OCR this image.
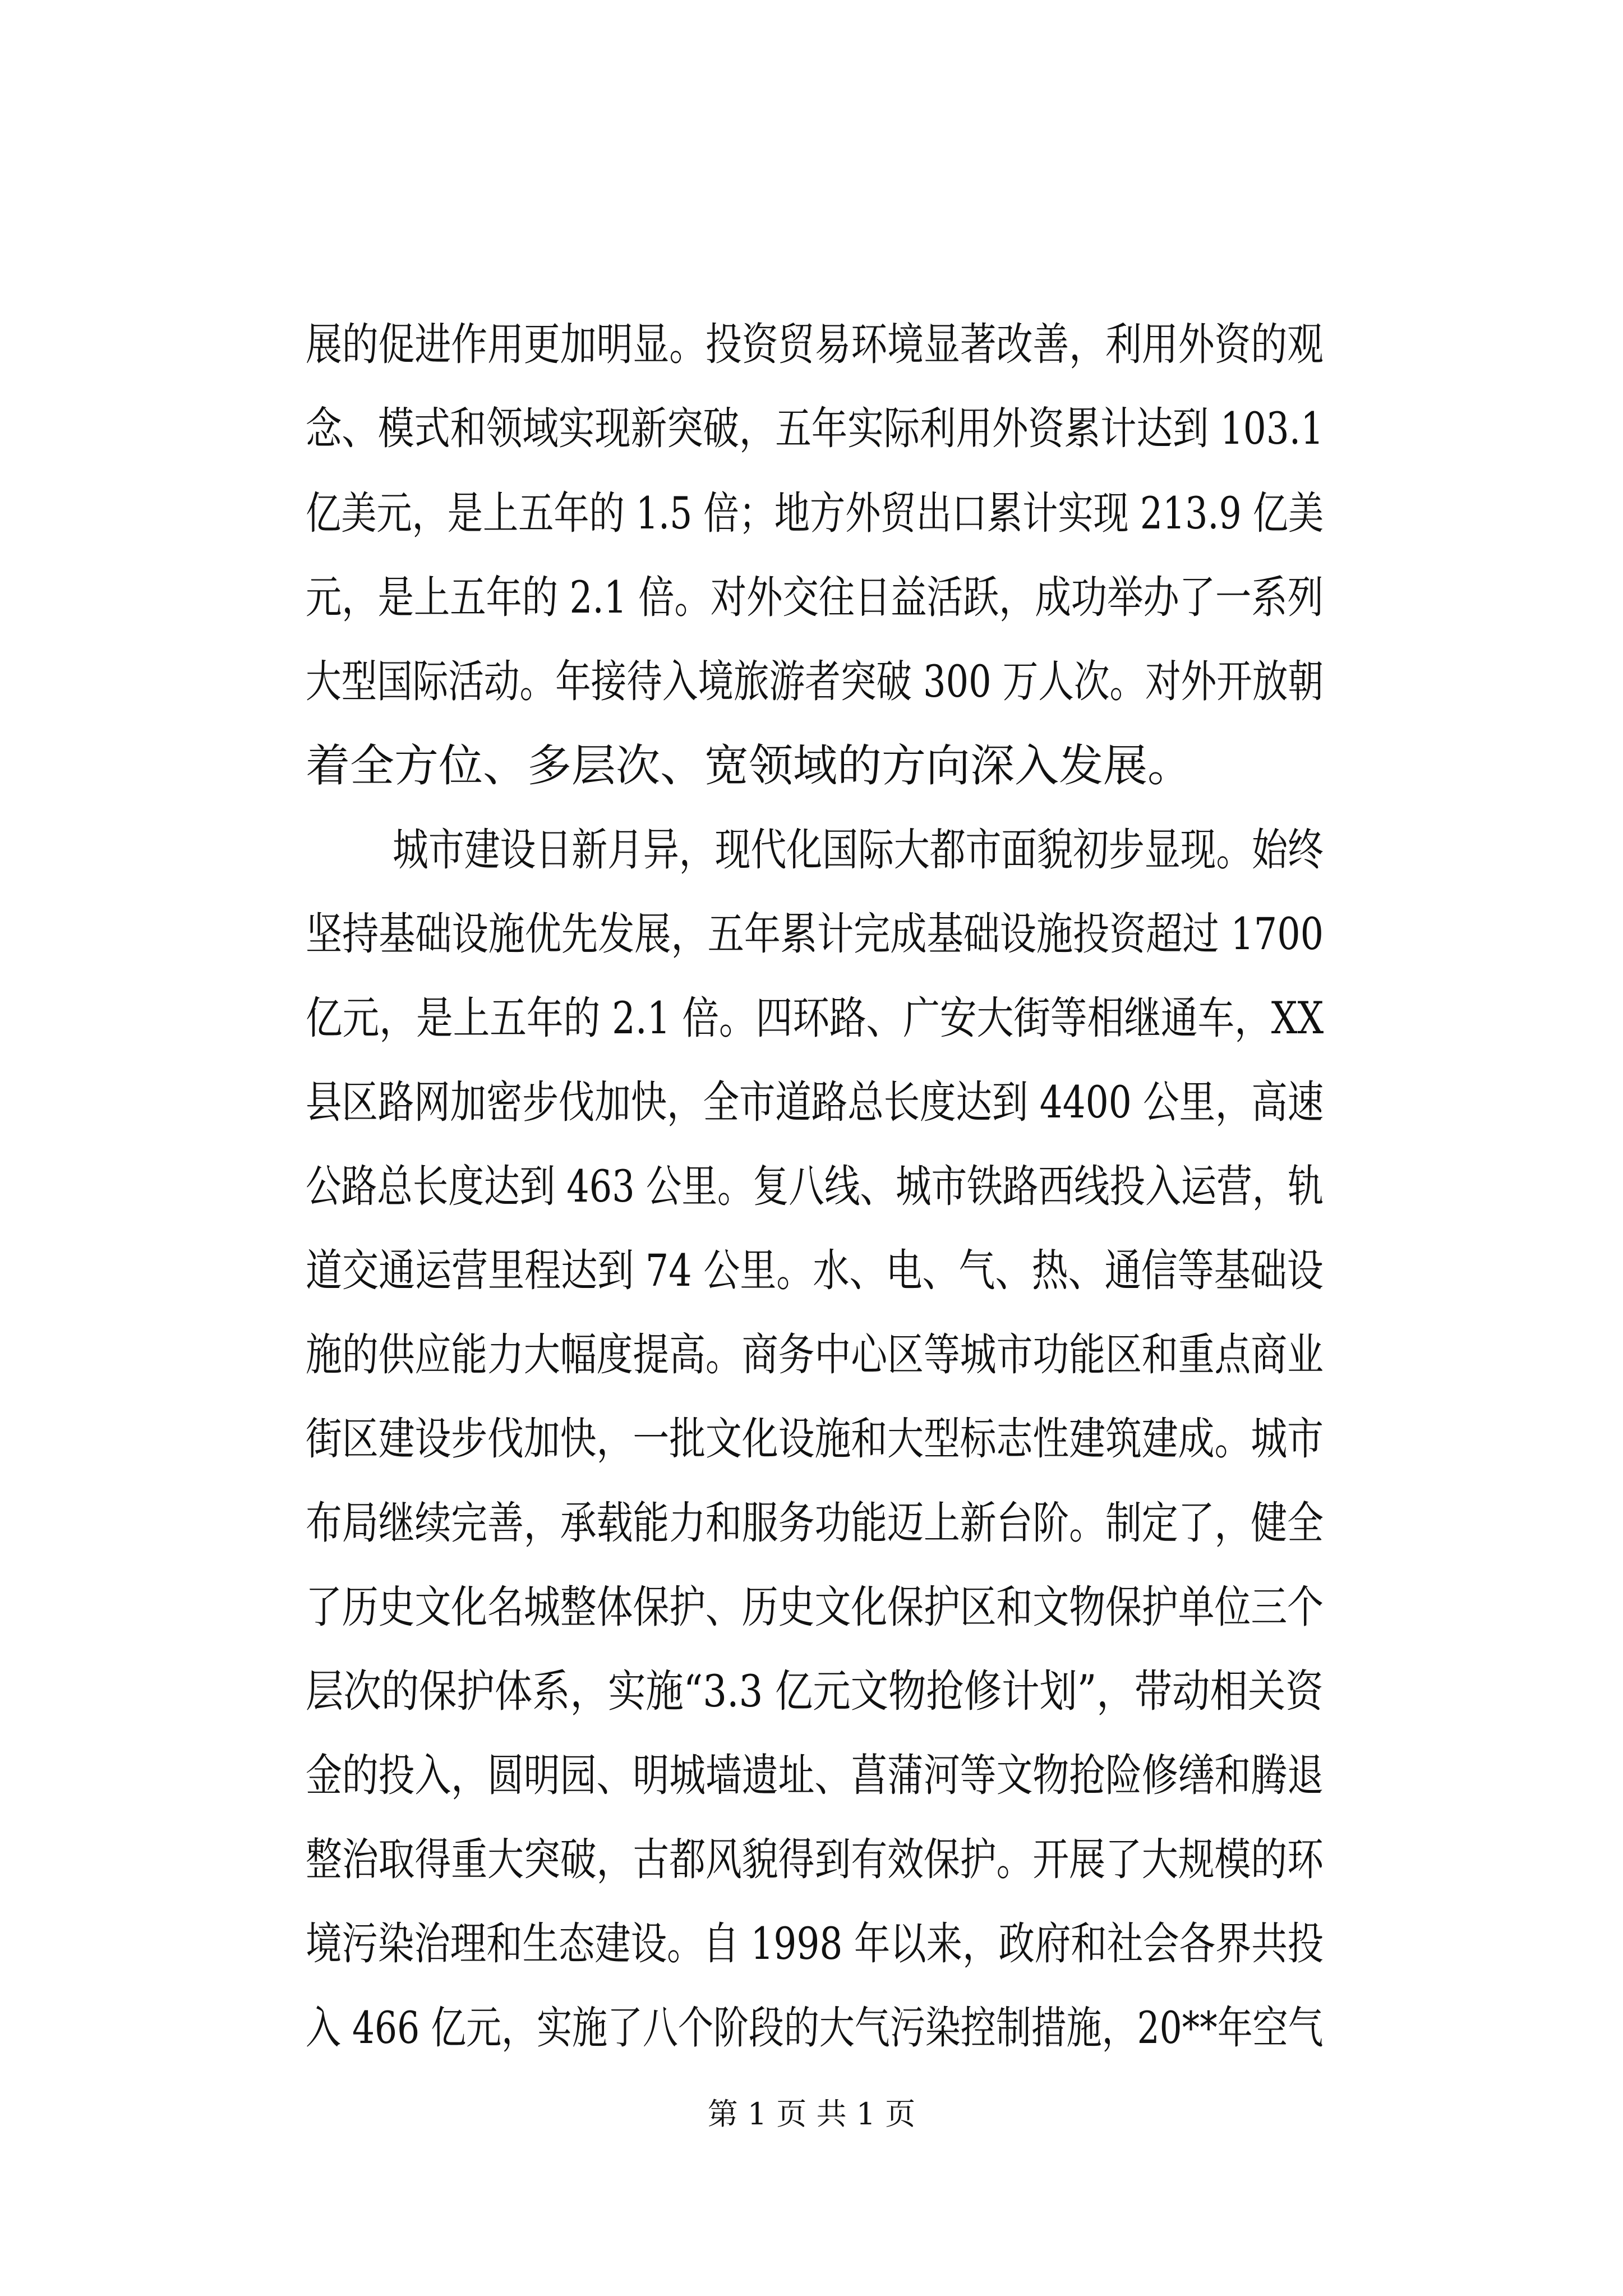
展的促进作用更加明显。投资贸易环境显著改善，利用外资的观
念、模式和领域实现新突破，五年实际利用外资累计达到 103.1
亿美元，是上五年的 1.5 倍；地方外贸出口累计实现 213.9 亿美
元，是上五年的 2.1 倍。对外交往日益活跃，成功举办了一系列
大型国际活动。年接待入境旅游者突破 300 万人次。对外开放朝
着全方位、多层次、宽领域的方向深入发展。
城市建设日新月异，现代化国际大都市面貌初步显现。始终
坚持基础设施优先发展，五年累计完成基础设施投资超过 1700
亿元，是上五年的 2.1 倍。四环路、广安大街等相继通车，XX
县区路网加密步伐加快，全市道路总长度达到 4400 公里，高速
公路总长度达到 463 公里。复八线、城市铁路西线投入运营，轨
道交通运营里程达到 74 公里。水、电、气、热、通信等基础设
施的供应能力大幅度提高。商务中心区等城市功能区和重点商业
街区建设步伐加快，一批文化设施和大型标志性建筑建成。城市
布局继续完善，承载能力和服务功能迈上新台阶。制定了，健全
了历史文化名城整体保护、历史文化保护区和文物保护单位三个
层次的保护体系，实施“3.3 亿元文物抢修计划”，带动相关资
金的投入，圆明园、明城墙遗址、菖蒲河等文物抢险修缮和腾退
整治取得重大突破，古都风貌得到有效保护。开展了大规模的环
境污染治理和生态建设。自 1998 年以来，政府和社会各界共投
入 466 亿元，实施了八个阶段的大气污染控制措施，20**年空气
第 1 页 共 1 页
